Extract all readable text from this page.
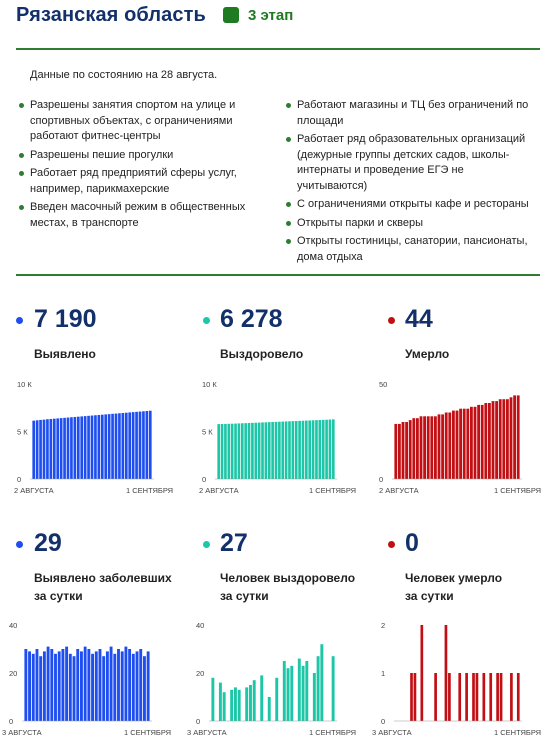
Рязанская область	3 этап
Данные по состоянию на 28 августа.
Разрешены занятия спортом на улице и спортивных объектах, с ограничениями работают фитнес-центры
Разрешены пешие прогулки
Работает ряд предприятий сферы услуг, например, парикмахерские
Введен масочный режим в общественных местах, в транспорте
Работают магазины и ТЦ без ограничений по площади
Работает ряд образовательных организаций (дежурные группы детских садов, школы-интернаты и проведение ЕГЭ не учитываются)
С ограничениями открыты кафе и рестораны
Открыты парки и скверы
Открыты гостиницы, санатории, пансионаты, дома отдыха
7 190
Выявлено
6 278
Выздоровело
44
Умерло
0
5 К
10 К
2 АВГУСТА	1 СЕНТЯБРЯ
0
5 К
10 К
2 АВГУСТА	1 СЕНТЯБРЯ
0
50
2 АВГУСТА	1 СЕНТЯБРЯ
29
Выявлено заболевших
за сутки
27
Человек выздоровело
за сутки
0
Человек умерло
за сутки
0
20
40
3 АВГУСТА	1 СЕНТЯБРЯ
0
20
40
3 АВГУСТА	1 СЕНТЯБРЯ
0
1
2
3 АВГУСТА	1 СЕНТЯБРЯ
